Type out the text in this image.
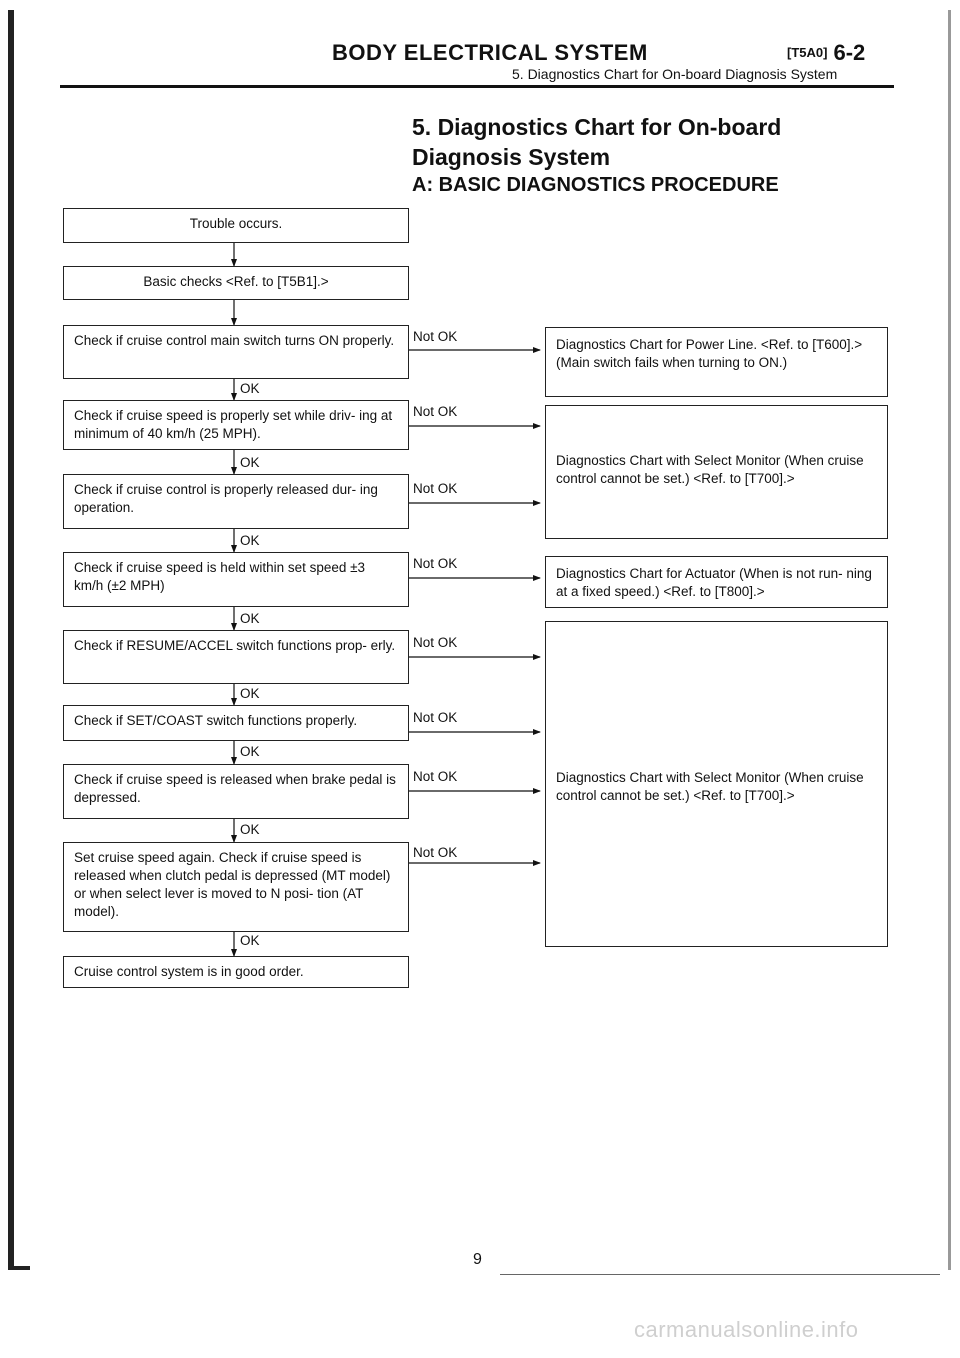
BODY ELECTRICAL SYSTEM	[T5A0] 6-2
5. Diagnostics Chart for On-board Diagnosis System
5. Diagnostics Chart for On-board Diagnosis System
A: BASIC DIAGNOSTICS PROCEDURE
Trouble occurs.
Basic checks <Ref. to [T5B1].>
Check if cruise control main switch turns ON properly.
Check if cruise speed is properly set while driv- ing at minimum of 40 km/h (25 MPH).
Check if cruise control is properly released dur- ing operation.
Check if cruise speed is held within set speed ±3 km/h (±2 MPH)
Check if RESUME/ACCEL switch functions prop- erly.
Check if SET/COAST switch functions properly.
Check if cruise speed is released when brake pedal is depressed.
Set cruise speed again. Check if cruise speed is released when clutch pedal is depressed (MT model) or when select lever is moved to N posi- tion (AT model).
Cruise control system is in good order.
OK
OK
OK
OK
OK
OK
OK
OK
Not OK
Not OK
Not OK
Not OK
Not OK
Not OK
Not OK
Not OK
Diagnostics Chart for Power Line. <Ref. to [T600].> (Main switch fails when turning to ON.)
Diagnostics Chart with Select Monitor (When cruise control cannot be set.) <Ref. to [T700].>
Diagnostics Chart for Actuator (When is not run- ning at a fixed speed.) <Ref. to [T800].>
Diagnostics Chart with Select Monitor (When cruise control cannot be set.) <Ref. to [T700].>
9
carmanualsonline.info
